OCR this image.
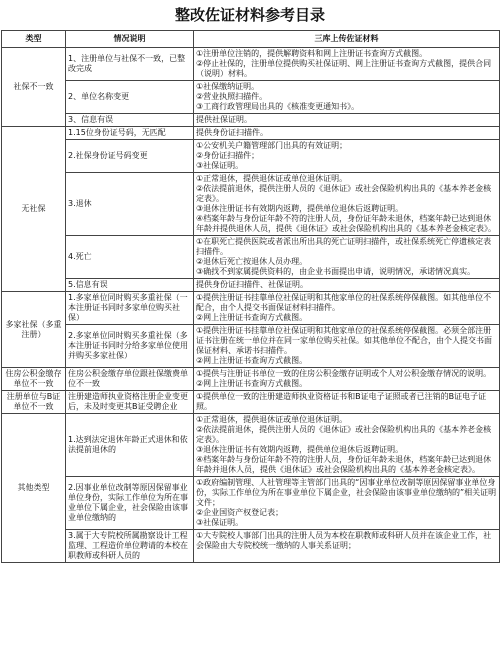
整改佐证材料参考目录
类型	情况说明	三库上传佐证材料
社保不一致	1、注册单位与社保不一致，已整改完成	①注册单位注销的，提供解聘资料和网上注册证书查询方式截图。
②停止社保的，注册单位提供购买社保证明、网上注册证书查询方式截图，提供合同（说明）材料。

	2、单位名称变更	①社保缴纳证明。
②营业执照扫描件。
③工商行政管理局出具的《核准变更通知书》。

	3、信息有误	提供社保证明。

无社保	1.15位身份证号码，无匹配	提供身份证扫描件。

	2.社保身份证号码变更	①公安机关户籍管理部门出具的有效证明；
②身份证扫描件；
③社保证明。

	3.退休	①正常退休，提供退休证或单位退休证明。
②依法提前退休，提供注册人员的《退休证》或社会保险机构出具的《基本养老金核定表》。
③退休注册证书有效期内返聘，提供单位退休后返聘证明。
④档案年龄与身份证年龄不符的注册人员，身份证年龄未退休，档案年龄已达到退休年龄并提供退休人员，提供《退休证》或社会保险机构出具的《基本养老金核定表》。

	4.死亡	①在职死亡提供医院或者派出所出具的死亡证明扫描件，或社保系统死亡停遗核定表扫描件。
②退休后死亡按退休人员办理。
③确找不到家属提供资料的，由企业书面提出申请，说明情况，承诺情况真实。

	5.信息有误	提供身份证扫描件、社保证明。

多家社保（多重注册）	1.多家单位同时购买多重社保（一本注册证书同时多家单位购买社保）	①提供注册证书挂靠单位社保证明和其他家单位的社保系统停保截图。如其他单位不配合，由个人提交书面保证材料扫描件。
②网上注册证书查询方式截图。

	2.多家单位同时购买多重社保（多本注册证书同时分给多家单位使用并购买多家社保）	①提供注册证书挂靠单位社保证明和其他家单位的社保系统停保截图。必须全部注册证书注册在统一单位并在同一家单位购买社保。如其他单位不配合，由个人提交书面保证材料、承诺书扫描件。
②网上注册证书查询方式截图。

住房公积金缴存单位不一致	住房公积金缴存单位跟社保缴费单位不一致	①提供与注册证书单位一致的住房公积金缴存证明或个人对公积金缴存情况的说明。
②网上注册证书查询方式截图。

注册单位与B证单位不一致	注册建造师执业资格注册企业变更后，未及时变更其B证受聘企业	①提供单位一致的注册建造师执业资格证书和B证电子证照或者已注销的B证电子证照。

其他类型	1.达到法定退休年龄正式退休和依法提前退休的	①正常退休，提供退休证或单位退休证明。
②依法提前退休，提供注册人员的《退休证》或社会保险机构出具的《基本养老金核定表》。
③退休注册证书有效期内返聘，提供单位退休后返聘证明。
④档案年龄与身份证年龄不符的注册人员，身份证年龄未退休，档案年龄已达到退休年龄并退休人员，提供《退休证》或社会保险机构出具的《基本养老金核定表》。

	2.因事业单位改制等原因保留事业单位身份，实际工作单位为所在事业单位下属企业，社会保险由该事业单位缴纳的	①政府编制管理、人社管理等主管部门出具的“因事业单位改制等原因保留事业单位身份，实际工作单位为所在事业单位下属企业，社会保险由该事业单位缴纳的”相关证明文件；
②企业国资产权登记表；
③社保证明。

	3.属于大专院校所属勘察设计工程监理、工程造价单位聘请的本校在职教师或科研人员的	①大专院校人事部门出具的注册人员为本校在职教师或科研人员并在该企业工作，社会保险由大专院校统一缴纳的人事关系证明；
